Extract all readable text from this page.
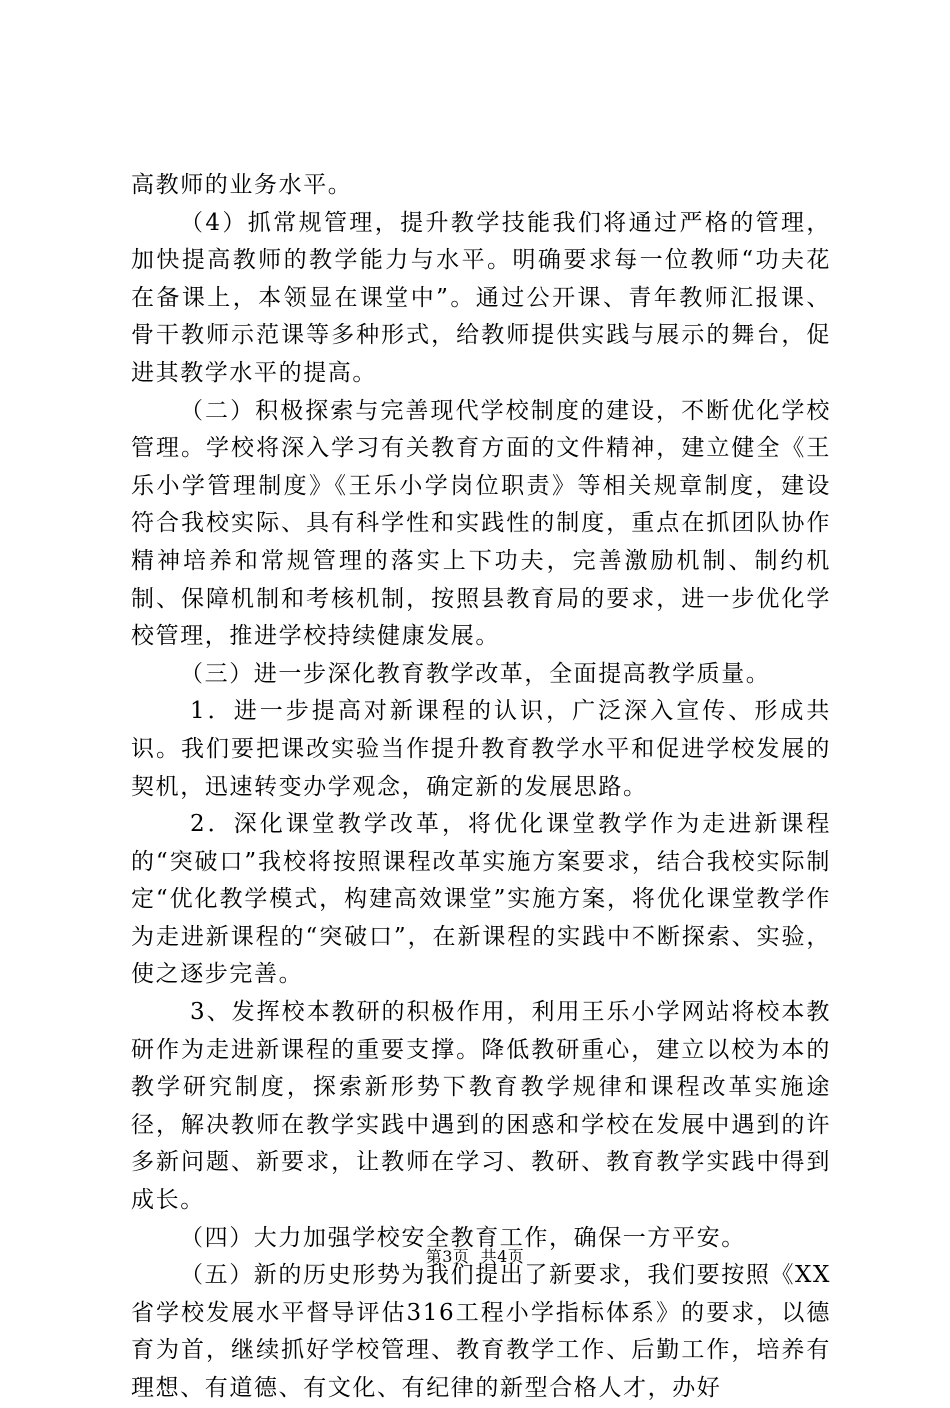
高教师的业务水平。

（4）抓常规管理，提升教学技能我们将通过严格的管理，加快提高教师的教学能力与水平。明确要求每一位教师“功夫花在备课上，本领显在课堂中”。通过公开课、青年教师汇报课、骨干教师示范课等多种形式，给教师提供实践与展示的舞台，促进其教学水平的提高。

（二）积极探索与完善现代学校制度的建设，不断优化学校管理。学校将深入学习有关教育方面的文件精神，建立健全《王乐小学管理制度》《王乐小学岗位职责》等相关规章制度，建设符合我校实际、具有科学性和实践性的制度，重点在抓团队协作精神培养和常规管理的落实上下功夫，完善激励机制、制约机制、保障机制和考核机制，按照县教育局的要求，进一步优化学校管理，推进学校持续健康发展。

（三）进一步深化教育教学改革，全面提高教学质量。

1．进一步提高对新课程的认识，广泛深入宣传、形成共识。我们要把课改实验当作提升教育教学水平和促进学校发展的契机，迅速转变办学观念，确定新的发展思路。

2．深化课堂教学改革，将优化课堂教学作为走进新课程的“突破口”我校将按照课程改革实施方案要求，结合我校实际制定“优化教学模式，构建高效课堂”实施方案，将优化课堂教学作为走进新课程的“突破口”，在新课程的实践中不断探索、实验，使之逐步完善。

3、发挥校本教研的积极作用，利用王乐小学网站将校本教研作为走进新课程的重要支撑。降低教研重心，建立以校为本的教学研究制度，探索新形势下教育教学规律和课程改革实施途径，解决教师在教学实践中遇到的困惑和学校在发展中遇到的许多新问题、新要求，让教师在学习、教研、教育教学实践中得到成长。

（四）大力加强学校安全教育工作，确保一方平安。

（五）新的历史形势为我们提出了新要求，我们要按照《XX省学校发展水平督导评估316工程小学指标体系》的要求，以德育为首，继续抓好学校管理、教育教学工作、后勤工作，培养有理想、有道德、有文化、有纪律的新型合格人才，办好

第3页  共4页
